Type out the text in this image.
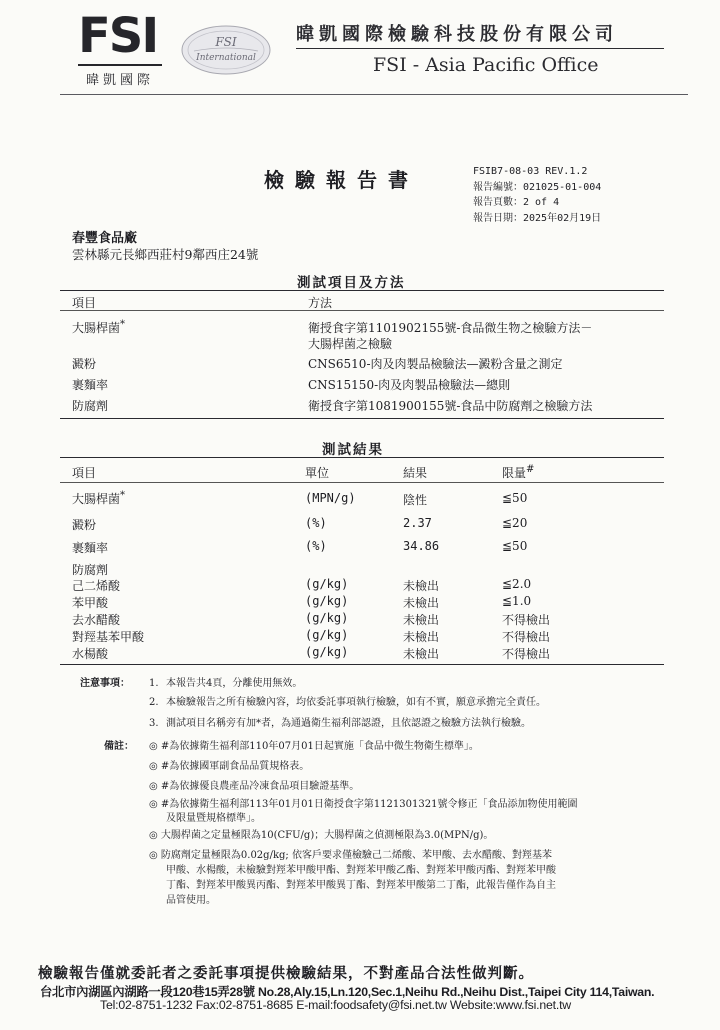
FSI

暐凱國際
FSI
International
暐凱國際檢驗科技股份有限公司
FSI - Asia Pacific Office
檢驗報告書	FSIB7-08-03 REV.1.2
報告編號：021025-01-004
報告頁數：2 of 4
報告日期：2025年02月19日
春豐食品廠
雲林縣元長鄉西莊村9鄰西庄24號
測試項目及方法
項目	方法
大腸桿菌*	衛授食字第1101902155號-食品微生物之檢驗方法－
大腸桿菌之檢驗
澱粉	CNS6510-肉及肉製品檢驗法—澱粉含量之測定
裹麵率	CNS15150-肉及肉製品檢驗法—總則
防腐劑	衛授食字第1081900155號-食品中防腐劑之檢驗方法
測試結果
項目	單位	結果	限量#
大腸桿菌*	(MPN/g)	陰性	≦50
澱粉	(%)	2.37	≦20
裹麵率	(%)	34.86	≦50
防腐劑
己二烯酸	(g/kg)	未檢出	≦2.0
苯甲酸	(g/kg)	未檢出	≦1.0
去水醋酸	(g/kg)	未檢出	不得檢出
對羥基苯甲酸	(g/kg)	未檢出	不得檢出
水楊酸	(g/kg)	未檢出	不得檢出
注意事項： 1. 本報告共4頁，分離使用無效。
2. 本檢驗報告之所有檢驗內容，均依委託事項執行檢驗，如有不實，願意承擔完全責任。
3. 測試項目名稱旁有加*者，為通過衛生福利部認證，且依認證之檢驗方法執行檢驗。
備註： ◎ #為依據衛生福利部110年07月01日起實施「食品中微生物衛生標準」。
◎ #為依據國軍副食品品質規格表。
◎ #為依據優良農產品冷凍食品項目驗證基準。
◎ #為依據衛生福利部113年01月01日衛授食字第1121301321號令修正「食品添加物使用範圍
及限量暨規格標準」。
◎ 大腸桿菌之定量極限為10(CFU/g)；大腸桿菌之偵測極限為3.0(MPN/g)。
◎ 防腐劑定量極限為0.02g/kg; 依客戶要求僅檢驗己二烯酸、苯甲酸、去水醋酸、對羥基苯
甲酸、水楊酸，未檢驗對羥苯甲酸甲酯、對羥苯甲酸乙酯、對羥苯甲酸丙酯、對羥苯甲酸
丁酯、對羥苯甲酸異丙酯、對羥苯甲酸異丁酯、對羥苯甲酸第二丁酯，此報告僅作為自主
品管使用。
檢驗報告僅就委託者之委託事項提供檢驗結果，不對產品合法性做判斷。
台北市內湖區內湖路一段120巷15弄28號 No.28,Aly.15,Ln.120,Sec.1,Neihu Rd.,Neihu Dist.,Taipei City 114,Taiwan.
Tel:02-8751-1232 Fax:02-8751-8685 E-mail:foodsafety@fsi.net.tw Website:www.fsi.net.tw
